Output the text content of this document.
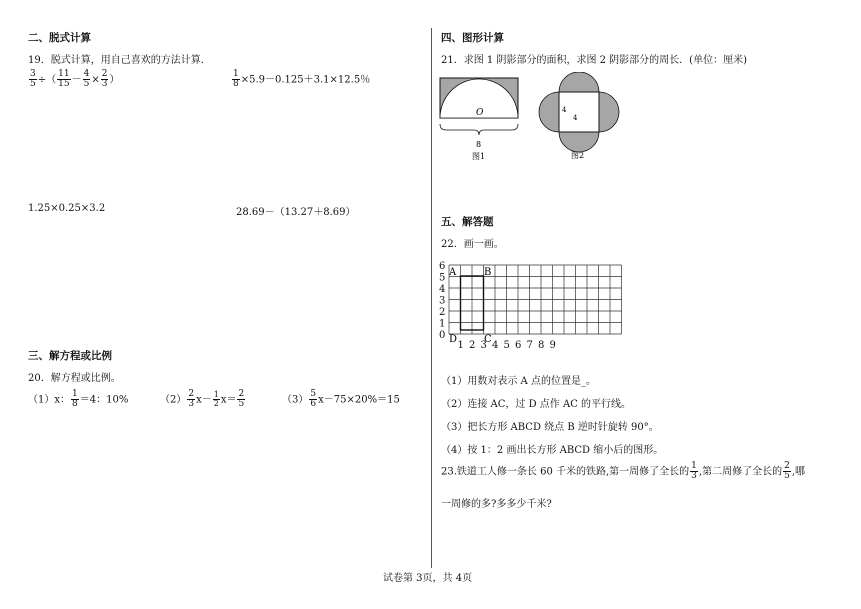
二、脱式计算
19．脱式计算，用自己喜欢的方法计算.
$\frac{3}{5}$ ÷（ $\frac{11}{15} - \frac{4}{5} \times \frac{2}{3}$ ）	$\frac{1}{8} \times 5.9-0.125+3.1\times 12.5$％
1.25×0.25×3.2	28.69－（13.27＋8.69）
三、解方程或比例
20．解方程或比例。
（1）x： $\frac{1}{8} =4$：10%	$(2) \frac{2}{3} x- \frac{1}{2} x= \frac{2}{5}$	$(3) \frac{5}{6} x-75\times 20\%=15$
四、图形计算
21．求图 1 阴影部分的面积，求图 2 阴影部分的周长．(单位：厘米)
O
8
图1
4
4
图2
五、解答题
22．画一画。
0
1
2
3
4
5
6
1 2 3 4 5 6 7 8 9
A	B
C
D
（1）用数对表示 A 点的位置是_。
（2）连接 AC，过 D 点作 AC 的平行线。
（3）把长方形 ABCD 绕点 B 逆时针旋转 90°。
（4）按 1：2 画出长方形 ABCD 缩小后的图形。
23.铁道工人修一条长 60 千米的铁路,第一周修了全长的 $\frac{1}{3}$ ,第二周修了全长的 $\frac{2}{5}$ ,哪
一周修的多?多多少千米?
试卷第 3页，共 4页
